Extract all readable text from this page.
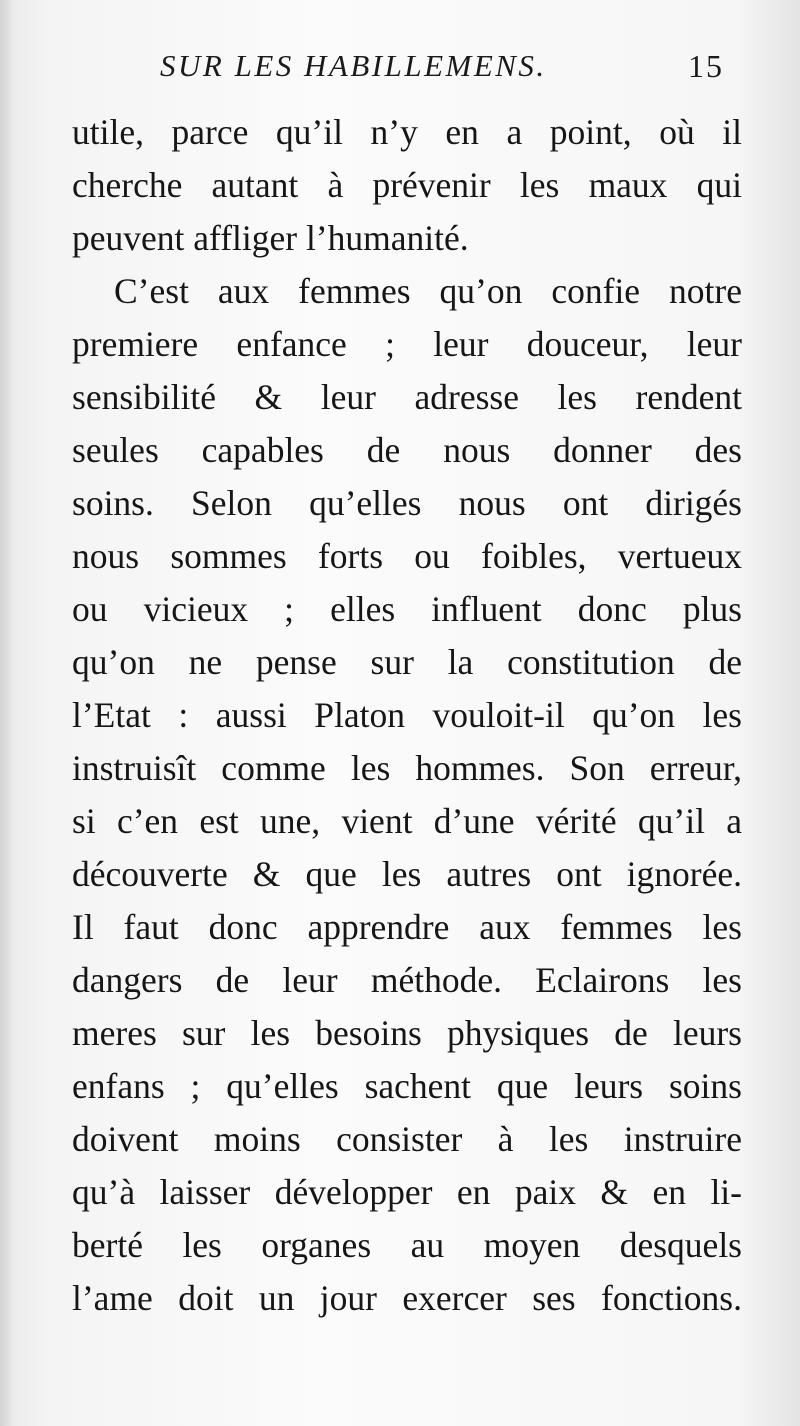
SUR LES HABILLEMENS.	15
utile, parce qu’il n’y en a point, où il
cherche autant à prévenir les maux qui
peuvent affliger l’humanité.
C’est aux femmes qu’on confie notre
premiere enfance ; leur douceur, leur
sensibilité & leur adresse les rendent
seules capables de nous donner des
soins. Selon qu’elles nous ont dirigés
nous sommes forts ou foibles, vertueux
ou vicieux ; elles influent donc plus
qu’on ne pense sur la constitution de
l’Etat : aussi Platon vouloit-il qu’on les
instruisît comme les hommes. Son erreur,
si c’en est une, vient d’une vérité qu’il a
découverte & que les autres ont ignorée.
Il faut donc apprendre aux femmes les
dangers de leur méthode. Eclairons les
meres sur les besoins physiques de leurs
enfans ; qu’elles sachent que leurs soins
doivent moins consister à les instruire
qu’à laisser développer en paix & en li-
berté les organes au moyen desquels
l’ame doit un jour exercer ses fonctions.
